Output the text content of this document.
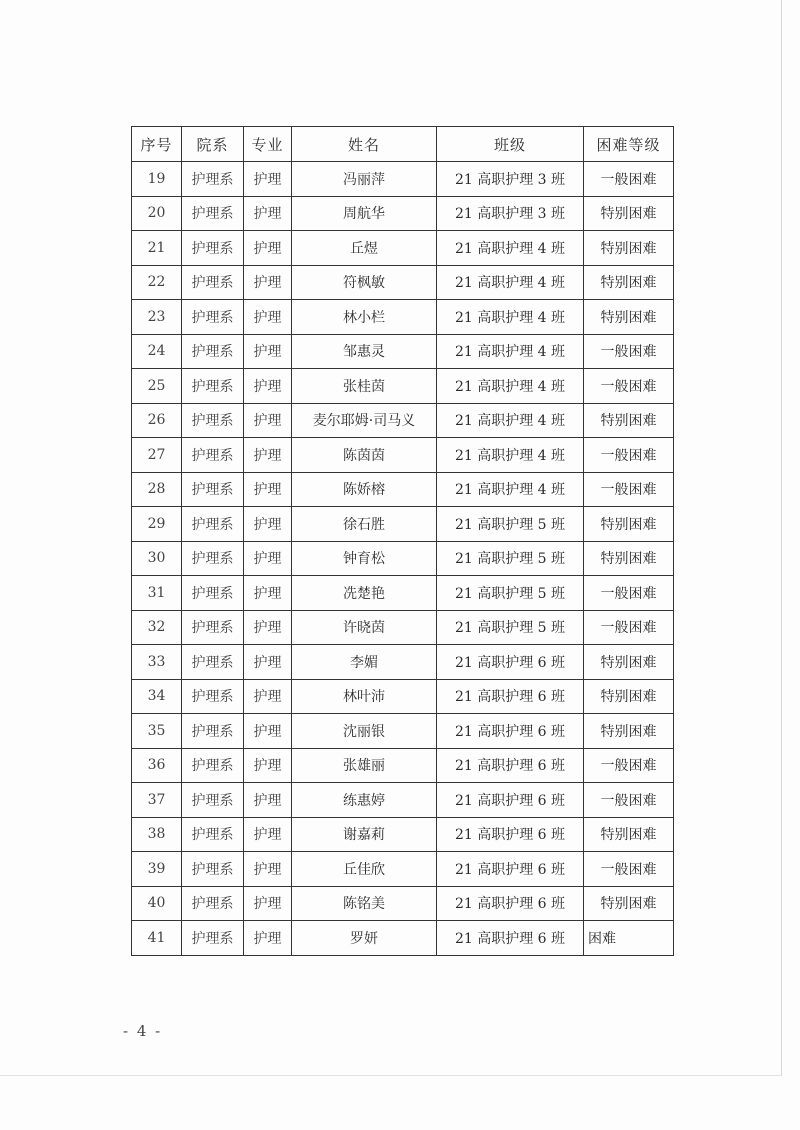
序号	院系	专业	姓名	班级	困难等级
19	护理系	护理	冯丽萍	21 高职护理 3 班	一般困难
20	护理系	护理	周航华	21 高职护理 3 班	特别困难
21	护理系	护理	丘煜	21 高职护理 4 班	特别困难
22	护理系	护理	符枫敏	21 高职护理 4 班	特别困难
23	护理系	护理	林小栏	21 高职护理 4 班	特别困难
24	护理系	护理	邹惠灵	21 高职护理 4 班	一般困难
25	护理系	护理	张桂茵	21 高职护理 4 班	一般困难
26	护理系	护理	麦尔耶姆·司马义	21 高职护理 4 班	特别困难
27	护理系	护理	陈茵茵	21 高职护理 4 班	一般困难
28	护理系	护理	陈娇榕	21 高职护理 4 班	一般困难
29	护理系	护理	徐石胜	21 高职护理 5 班	特别困难
30	护理系	护理	钟育松	21 高职护理 5 班	特别困难
31	护理系	护理	冼楚艳	21 高职护理 5 班	一般困难
32	护理系	护理	许晓茵	21 高职护理 5 班	一般困难
33	护理系	护理	李媚	21 高职护理 6 班	特别困难
34	护理系	护理	林叶沛	21 高职护理 6 班	特别困难
35	护理系	护理	沈丽银	21 高职护理 6 班	特别困难
36	护理系	护理	张雄丽	21 高职护理 6 班	一般困难
37	护理系	护理	练惠婷	21 高职护理 6 班	一般困难
38	护理系	护理	谢嘉莉	21 高职护理 6 班	特别困难
39	护理系	护理	丘佳欣	21 高职护理 6 班	一般困难
40	护理系	护理	陈铭美	21 高职护理 6 班	特别困难
41	护理系	护理	罗妍	21 高职护理 6 班	困难
- 4 -
